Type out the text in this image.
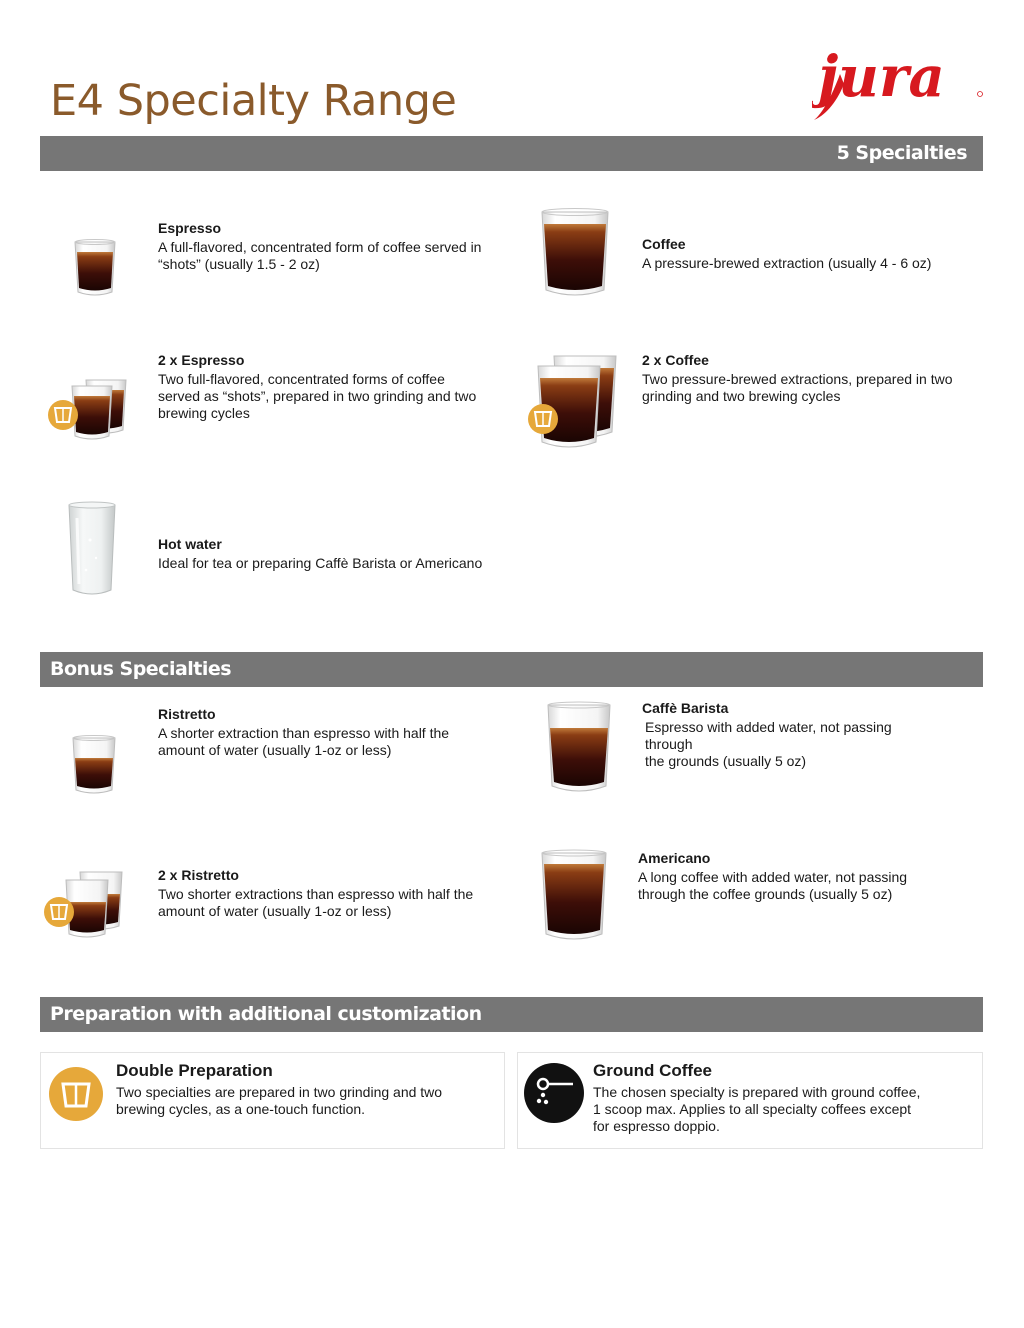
E4 Specialty Range	jura
5 Specialties

Espresso

A full-flavored, concentrated form of coffee served in “shots” (usually 1.5 - 2 oz)

Coffee

A pressure-brewed extraction (usually 4 - 6 oz)

2 x Espresso

Two full-flavored, concentrated forms of coffee served as “shots”, prepared in two grinding and two brewing cycles

2 x Coffee

Two pressure-brewed extractions, prepared in two grinding and two brewing cycles

Hot water

Ideal for tea or preparing Caffè Barista or Americano

Bonus Specialties

Ristretto

A shorter extraction than espresso with half the amount of water (usually 1-oz or less)

Caffè Barista

Espresso with added water, not passing through
the grounds (usually 5 oz)

2 x Ristretto

Two shorter extractions than espresso with half the amount of water (usually 1-oz or less)

Americano

A long coffee with added water, not passing through the coffee grounds (usually 5 oz)

Preparation with additional customization

Double Preparation

Two specialties are prepared in two grinding and two brewing cycles, as a one-touch function.

Ground Coffee

The chosen specialty is prepared with ground coffee, 1 scoop max. Applies to all specialty coffees except for espresso doppio.
